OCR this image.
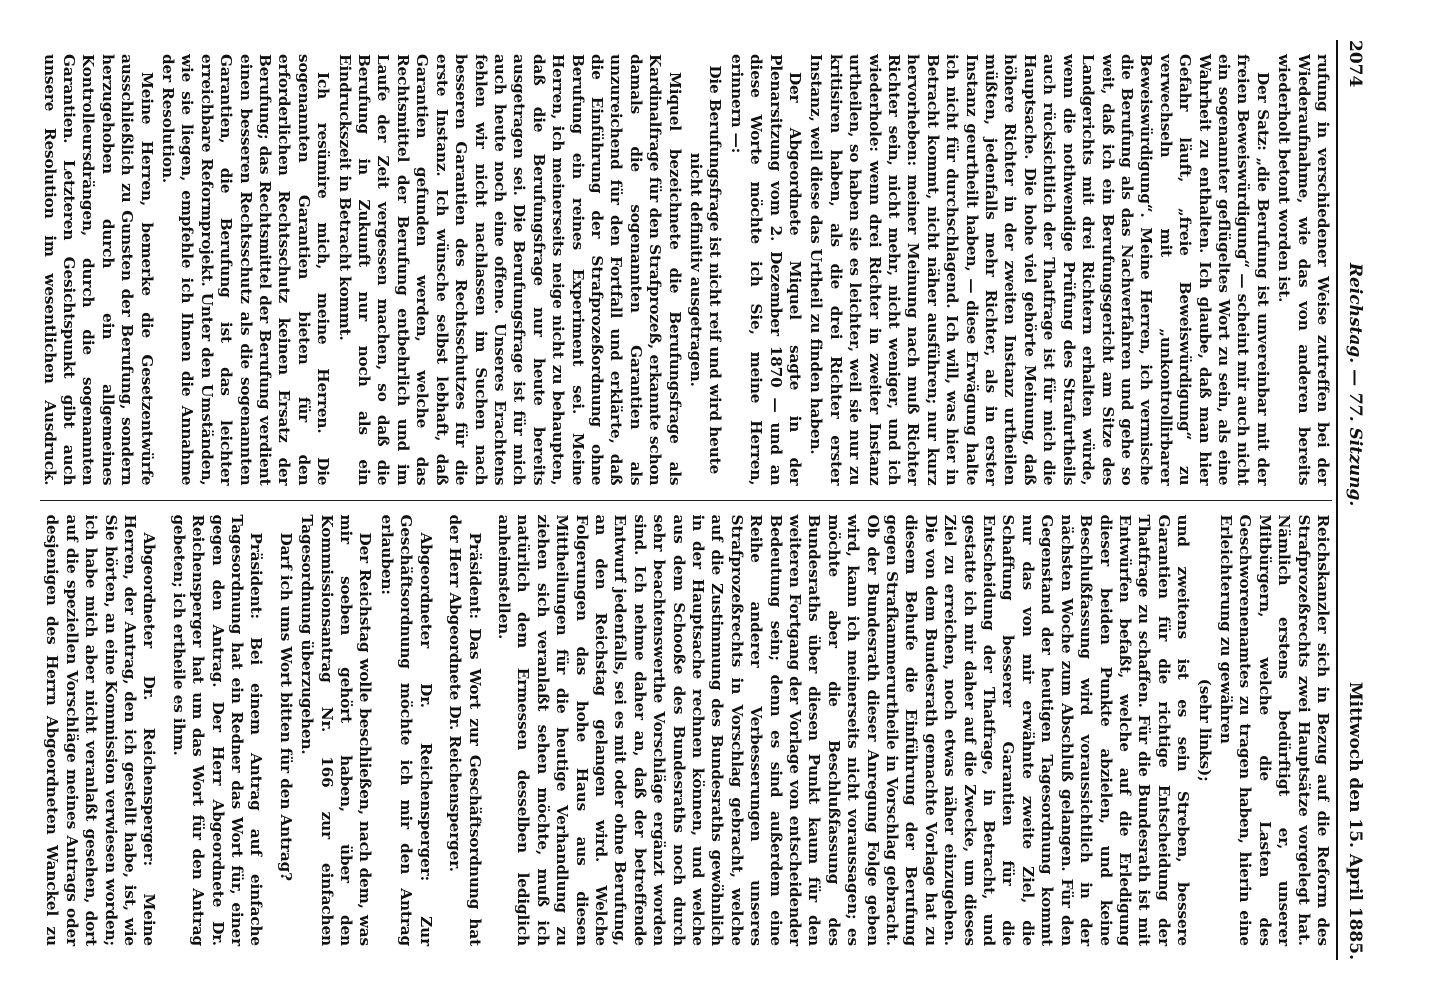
2074
Reichstag. — 77. Sitzung.
Mittwoch den 15. April 1885.

rufung in verschiedener Weise zutreffen bei der Wiederaufnahme, wie das von anderen bereits wiederholt betont worden ist.

Der Satz: „die Berufung ist unvereinbar mit der freien Beweiswürdigung“ — scheint mir auch nicht ein sogenannter geflügeltes Wort zu sein, als eine Wahrheit zu enthalten. Ich glaube, daß man hier Gefahr läuft, „freie Beweiswürdigung“ zu verwechseln mit „unkontrollirbarer Beweiswürdigung“. Meine Herren, ich vermische die Berufung als das Nachverfahren und gehe so weit, daß ich ein Berufungsgericht am Sitze des Landgerichts mit drei Richtern erhalten würde, wenn die nothwendige Prüfung des Strafurtheils auch rücksichtlich der Thatfrage ist für mich die Hauptsache. Die hohe viel gehörte Meinung, daß höhere Richter in der zweiten Instanz urtheilen müßten, jedenfalls mehr Richter, als in erster Instanz geurtheilt haben, — diese Erwägung halte ich nicht für durchschlagend. Ich will, was hier in Betracht kommt, nicht näher ausführen; nur kurz hervorheben: meiner Meinung nach muß Richter Richter sein, nicht mehr, nicht weniger, und ich wiederhole: wenn drei Richter in zweiter Instanz urtheilen, so haben sie es leichter, weil sie nur zu kritisiren haben, als die drei Richter erster Instanz, weil diese das Urtheil zu finden haben.

Der Abgeordnete Miquel sagte in der Plenarsitzung vom 2. Dezember 1870 — und an diese Worte möchte ich Sie, meine Herren, erinnern —:

Die Berufungsfrage ist nicht reif und wird heute nicht definitiv ausgetragen.

Miquel bezeichnete die Berufungsfrage als Kardinalfrage für den Strafprozeß, erkannte schon damals die sogenannten Garantien als unzureichend für den Fortfall und erklärte, daß die Einführung der Strafprozeßordnung ohne Berufung ein reines Experiment sei. Meine Herren, ich meinerseits neige nicht zu behaupten, daß die Berufungsfrage nur heute bereits ausgetragen sei. Die Berufungsfrage ist für mich auch heute noch eine offene. Unseres Erachtens fehlen wir nicht nachlassen im Suchen nach besseren Garantien des Rechtsschutzes für die erste Instanz. Ich wünsche selbst lebhaft, daß Garantien gefunden werden, welche das Rechtsmittel der Berufung entbehrlich und im Laufe der Zeit vergessen machen, so daß die Berufung in Zukunft nur noch als ein Eindruckszeit in Betracht kommt.

Ich resümire mich, meine Herren. Die sogenannten Garantien bieten für den erforderlichen Rechtsschutz keinen Ersatz der Berufung; das Rechtsmittel der Berufung verdient einen besseren Rechtsschutz als die sogenannten Garantien, die Berufung ist das leichter erreichbare Reformprojekt. Unter den Umständen, wie sie liegen, empfehle ich Ihnen die Annahme der Resolution.

Meine Herren, bemerke die Gesetzentwürfe ausschließlich zu Gunsten der Berufung, sondern herzugehoben durch ein allgemeines Kontrolleursdrängen, durch die sogenannten Garantien. Letzteren Gesichtspunkt gibt auch unsere Resolution im wesentlichen Ausdruck.

Reichskanzler sich in Bezug auf die Reform des Strafprozeßrechts zwei Hauptsätze vorgelegt hat. Nämlich erstens bedürftigt er, unserer Mitbürgern, welche die Lasten des Geschworenenamtes zu tragen haben, hierin eine Erleichterung zu gewähren

(sehr links);

und zweitens ist es sein Streben, bessere Garantien für die richtige Entscheidung der Thatfrage zu schaffen. Für die Bundesrath ist mit Entwürfen befaßt, welche auf die Erledigung dieser beiden Punkte abzielen, und keine Beschlußfassung wird voraussichtlich in der nächsten Woche zum Abschluß gelangen. Für den Gegenstand der heutigen Tagesordnung kommt nur das von mir erwähnte zweite Ziel, die Schaffung besserer Garantien für die Entscheidung der Thatfrage, in Betracht, und gestatte ich mir daher auf die Zwecke, um dieses Ziel zu erreichen, noch etwas näher einzugehen. Die von dem Bundesrath gemachte Vorlage hat zu diesem Behufe die Einführung der Berufung gegen Strafkammerurtheile in Vorschlag gebracht. Ob der Bundesrath dieser Anregung Folge geben wird, kann ich meinerseits nicht voraussagen; es möchte aber die Beschlußfassung des Bundesraths über diesen Punkt kaum für den weiteren Fortgang der Vorlage von entscheidender Bedeutung sein; denn es sind außerdem eine Reihe anderer Verbesserungen unseres Strafprozeßrechts in Vorschlag gebracht, welche auf die Zustimmung des Bundesraths gewöhnlich in der Hauptsache rechnen können, und welche aus dem Schooße des Bundesraths noch durch sehr beachtenswerthe Vorschläge ergänzt worden sind. Ich nehme daher an, daß der betreffende Entwurf jedenfalls, sei es mit oder ohne Berufung, an den Reichstag gelangen wird. Welche Folgerungen das hohe Haus aus diesen Mittheilungen für die heutige Verhandlung zu ziehen sich veranlaßt sehen möchte, muß ich natürlich dem Ermessen desselben lediglich anheimstellen.

Präsident: Das Wort zur Geschäftsordnung hat der Herr Abgeordnete Dr. Reichensperger.

Abgeordneter Dr. Reichensperger: Zur Geschäftsordnung möchte ich mir den Antrag erlauben:

Der Reichstag wolle beschließen, nach dem, was mir soeben gehört haben, über den Kommissionsantrag Nr. 166 zur einfachen Tagesordnung überzugehen.

Darf ich ums Wort bitten für den Antrag?

Präsident: Bei einem Antrag auf einfache Tagesordnung hat ein Redner das Wort für, einer gegen den Antrag. Der Herr Abgeordnete Dr. Reichensperger hat um das Wort für den Antrag gebeten; ich ertheile es ihm.

Abgeordneter Dr. Reichensperger: Meine Herren, der Antrag, den ich gestellt habe, ist, wie Sie hörten, an eine Kommission verwiesen worden; ich habe mich aber nicht veranlaßt gesehen, dort auf die speziellen Vorschläge meines Antrags oder desjenigen des Herrn Abgeordneten Wanckel zu beziehen, nachdem der Herr Staatssekretär
